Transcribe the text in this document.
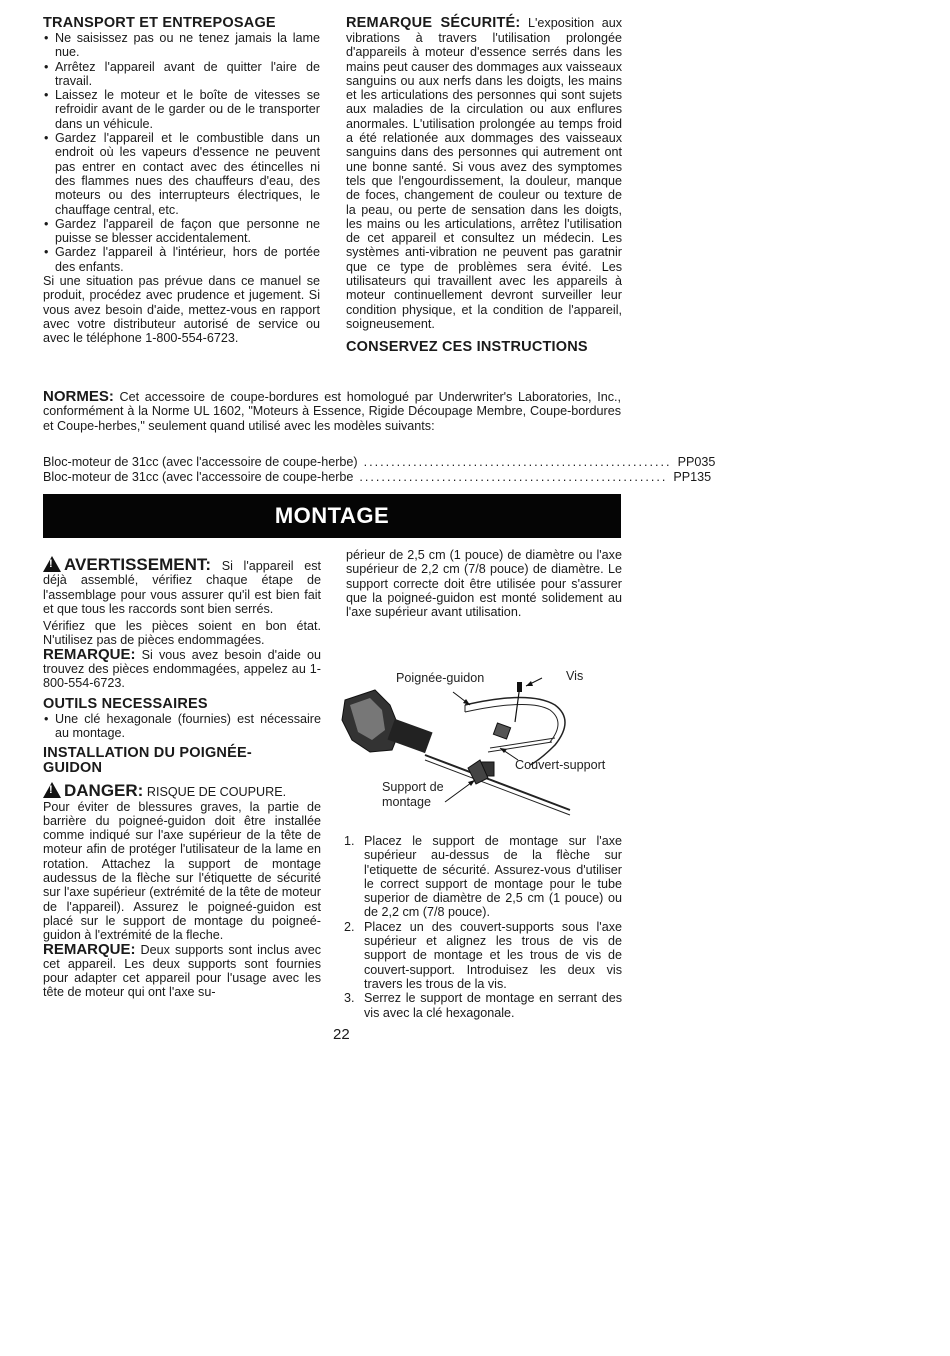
TRANSPORT ET ENTREPOSAGE
• Ne saisissez pas ou ne tenez jamais la lame nue.
• Arrêtez l'appareil avant de quitter l'aire de travail.
• Laissez le moteur et le boîte de vitesses se refroidir avant de le garder ou de le transporter dans un véhicule.
• Gardez l'appareil et le combustible dans un endroit où les vapeurs d'essence ne peuvent pas entrer en contact avec des étincelles ni des flammes nues des chauffeurs d'eau, des moteurs ou des interrupteurs électriques, le chauffage central, etc.
• Gardez l'appareil de façon que personne ne puisse se blesser accidentalement.
• Gardez l'appareil à l'intérieur, hors de portée des enfants.

Si une situation pas prévue dans ce manuel se produit, procédez avec prudence et jugement. Si vous avez besoin d'aide, mettez-vous en rapport avec votre distributeur autorisé de service ou avec le téléphone 1-800-554-6723.

REMARQUE SÉCURITÉ: L'exposition aux vibrations à travers l'utilisation prolongée d'appareils à moteur d'essence serrés dans les mains peut causer des dommages aux vaisseaux sanguins ou aux nerfs dans les doigts, les mains et les articulations des personnes qui sont sujets aux maladies de la circulation ou aux enflures anormales. L'utilisation prolongée au temps froid a été relationée aux dommages des vaisseaux sanguins dans des personnes qui autrement ont une bonne santé. Si vous avez des symptomes tels que l'engourdissement, la douleur, manque de foces, changement de couleur ou texture de la peau, ou perte de sensation dans les doigts, les mains ou les articulations, arrêtez l'utilisation de cet appareil et consultez un médecin. Les systèmes anti-vibration ne peuvent pas garatnir que ce type de problèmes sera évité. Les utilisateurs qui travaillent avec les appareils à moteur continuellement devront surveiller leur condition physique, et la condition de l'appareil, soigneusement.

CONSERVEZ CES INSTRUCTIONS
NORMES: Cet accessoire de coupe-bordures est homologué par Underwriter's Laboratories, Inc., conformément à la Norme UL 1602, "Moteurs à Essence, Rigide Découpage Membre, Coupe-bordures et Coupe-herbes," seulement quand utilisé avec les modèles suivants:
Bloc-moteur de 31cc (avec l'accessoire de coupe-herbe) ........................................................ PP035
Bloc-moteur de 31cc (avec l'accessoire de coupe-herbe ........................................................ PP135
MONTAGE

!AVERTISSEMENT: Si l'appareil est déjà assemblé, vérifiez chaque étape de l'assemblage pour vous assurer qu'il est bien fait et que tous les raccords sont bien serrés.

Vérifiez que les pièces soient en bon état. N'utilisez pas de pièces endommagées.

REMARQUE: Si vous avez besoin d'aide ou trouvez des pièces endommagées, appelez au 1-800-554-6723.

OUTILS NECESSAIRES
• Une clé hexagonale (fournies) est nécessaire au montage.
INSTALLATION DU POIGNÉE-
GUIDON

!DANGER: RISQUE DE COUPURE.

Pour éviter de blessures graves, la partie de barrière du poigneé-guidon doit être installée comme indiqué sur l'axe supérieur de la tête de moteur afin de protéger l'utilisateur de la lame en rotation. Attachez la support de montage audessus de la flèche sur l'étiquette de sécurité sur l'axe supérieur (extrémité de la tête de moteur de l'appareil). Assurez le poigneé-guidon est placé sur le support de montage du poigneé-guidon à l'extrémité de la fleche.

REMARQUE: Deux supports sont inclus avec cet appareil. Les deux supports sont fournies pour adapter cet appareil pour l'usage avec les tête de moteur qui ont l'axe su-

périeur de 2,5 cm (1 pouce) de diamètre ou l'axe supérieur de 2,2 cm (7/8 pouce) de diamètre. Le support correcte doit être utilisée pour s'assurer que la poigneé-guidon est monté solidement au l'axe supérieur avant utilisation.
Poignée-guidon	Vis
Couvert-support
Support de
montage
1. Placez le support de montage sur l'axe supérieur au-dessus de la flèche sur l'etiquette de sécurité. Assurez-vous d'utiliser le correct support de montage pour le tube superior de diamètre de 2,5 cm (1 pouce) ou de 2,2 cm (7/8 pouce).
2. Placez un des couvert-supports sous l'axe supérieur et alignez les trous de vis de support de montage et les trous de vis de couvert-support. Introduisez les deux vis travers les trous de la vis.
3. Serrez le support de montage en serrant des vis avec la clé hexagonale.
22
